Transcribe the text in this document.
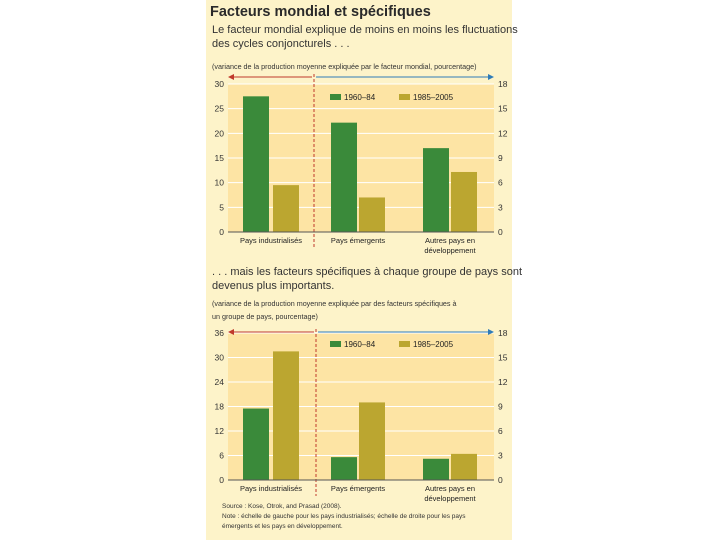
Facteurs mondial et spécifiques
Le facteur mondial explique de moins en moins les fluctuations
des cycles conjoncturels . . .
(variance de la production moyenne expliquée par le facteur mondial, pourcentage)
. . . mais les facteurs spécifiques à chaque groupe de pays sont
devenus plus importants.
(variance de la production moyenne expliquée par des facteurs spécifiques à
un groupe de pays, pourcentage)
0
5
10
15
20
25
30
0
3
6
9
12
15
18
Pays industrialisés	Pays émergents	Autres pays en
développement
1960–84	1985–2005
0
6
12
18
24
30
36
0
3
6
9
12
15
18
Pays industrialisés	Pays émergents	Autres pays en
développement
1960–84	1985–2005
Source : Kose, Otrok, and Prasad (2008).
Note : échelle de gauche pour les pays industrialisés; échelle de droite pour les pays
émergents et les pays en développement.
